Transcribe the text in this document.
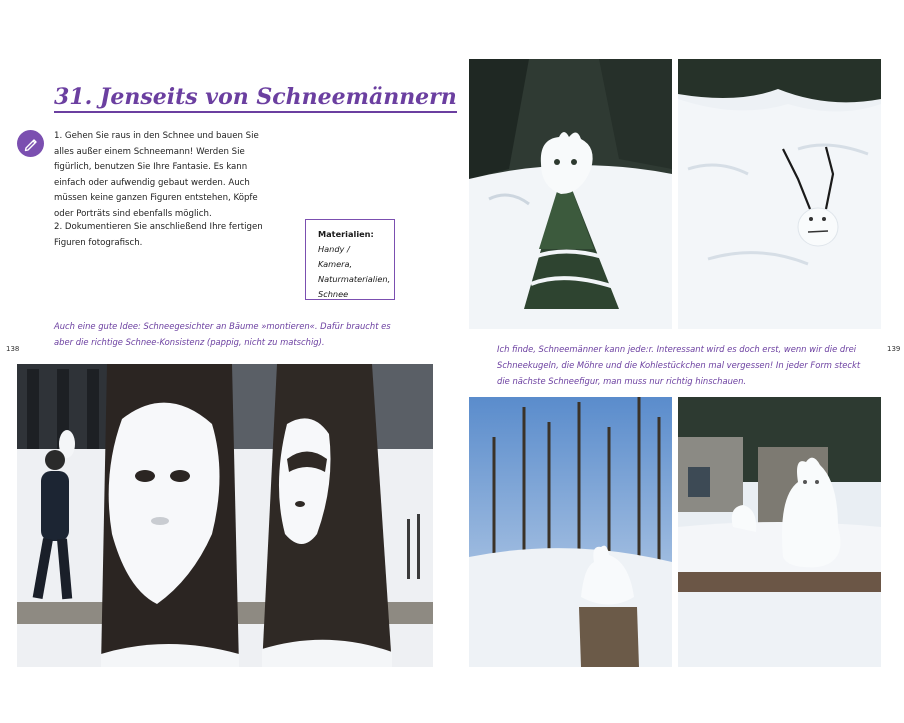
31. Jenseits von Schneemännern
1. Gehen Sie raus in den Schnee und bauen Sie alles außer einem Schneemann! Werden Sie figürlich, benutzen Sie Ihre Fantasie. Es kann einfach oder aufwendig gebaut werden. Auch müssen keine ganzen Figuren entstehen, Köpfe oder Porträts sind ebenfalls möglich.
2. Dokumentieren Sie anschließend Ihre fertigen Figuren fotografisch.
Materialien:
Handy / Kamera, Naturmaterialien, Schnee
Auch eine gute Idee: Schneegesichter an Bäume »montieren«. Dafür braucht es aber die richtige Schnee-Konsistenz (pappig, nicht zu matschig).
138	139
Ich finde, Schneemänner kann jede:r. Interessant wird es doch erst, wenn wir die drei Schneekugeln, die Möhre und die Kohlestückchen mal vergessen! In jeder Form steckt die nächste Schneefigur, man muss nur richtig hinschauen.
